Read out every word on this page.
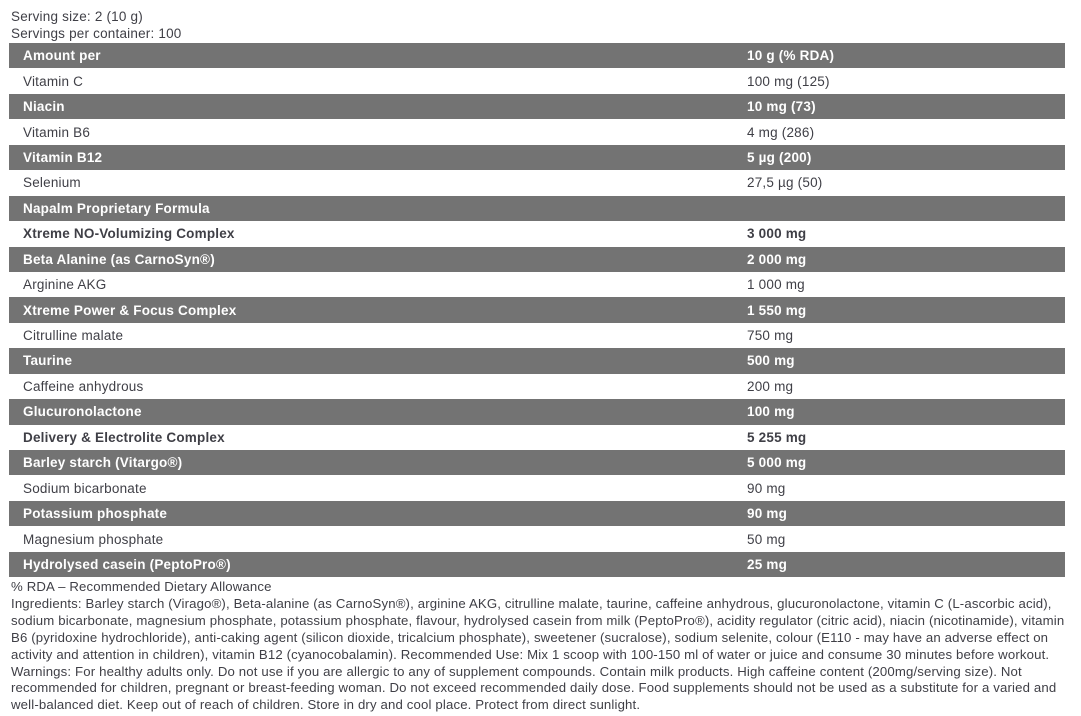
Serving size: 2 (10 g)
Servings per container: 100
Amount per	10 g (% RDA)
Vitamin C	100 mg (125)
Niacin	10 mg (73)
Vitamin B6	4 mg (286)
Vitamin B12	5 µg (200)
Selenium	27,5 µg (50)
Napalm Proprietary Formula
Xtreme NO-Volumizing Complex	3 000 mg
Beta Alanine (as CarnoSyn®)	2 000 mg
Arginine AKG	1 000 mg
Xtreme Power & Focus Complex	1 550 mg
Citrulline malate	750 mg
Taurine	500 mg
Caffeine anhydrous	200 mg
Glucuronolactone	100 mg
Delivery & Electrolite Complex	5 255 mg
Barley starch (Vitargo®)	5 000 mg
Sodium bicarbonate	90 mg
Potassium phosphate	90 mg
Magnesium phosphate	50 mg
Hydrolysed casein (PeptoPro®)	25 mg
% RDA – Recommended Dietary Allowance
Ingredients: Barley starch (Virago®), Beta-alanine (as CarnoSyn®), arginine AKG, citrulline malate, taurine, caffeine anhydrous, glucuronolactone, vitamin C (L-ascorbic acid), sodium bicarbonate, magnesium phosphate, potassium phosphate, flavour, hydrolysed casein from milk (PeptoPro®), acidity regulator (citric acid), niacin (nicotinamide), vitamin B6 (pyridoxine hydrochloride), anti-caking agent (silicon dioxide, tricalcium phosphate), sweetener (sucralose), sodium selenite, colour (E110 - may have an adverse effect on activity and attention in children), vitamin B12 (cyanocobalamin). Recommended Use: Mix 1 scoop with 100-150 ml of water or juice and consume 30 minutes before workout.
Warnings: For healthy adults only. Do not use if you are allergic to any of supplement compounds. Contain milk products. High caffeine content (200mg/serving size). Not recommended for children, pregnant or breast-feeding woman. Do not exceed recommended daily dose. Food supplements should not be used as a substitute for a varied and well-balanced diet. Keep out of reach of children. Store in dry and cool place. Protect from direct sunlight.
